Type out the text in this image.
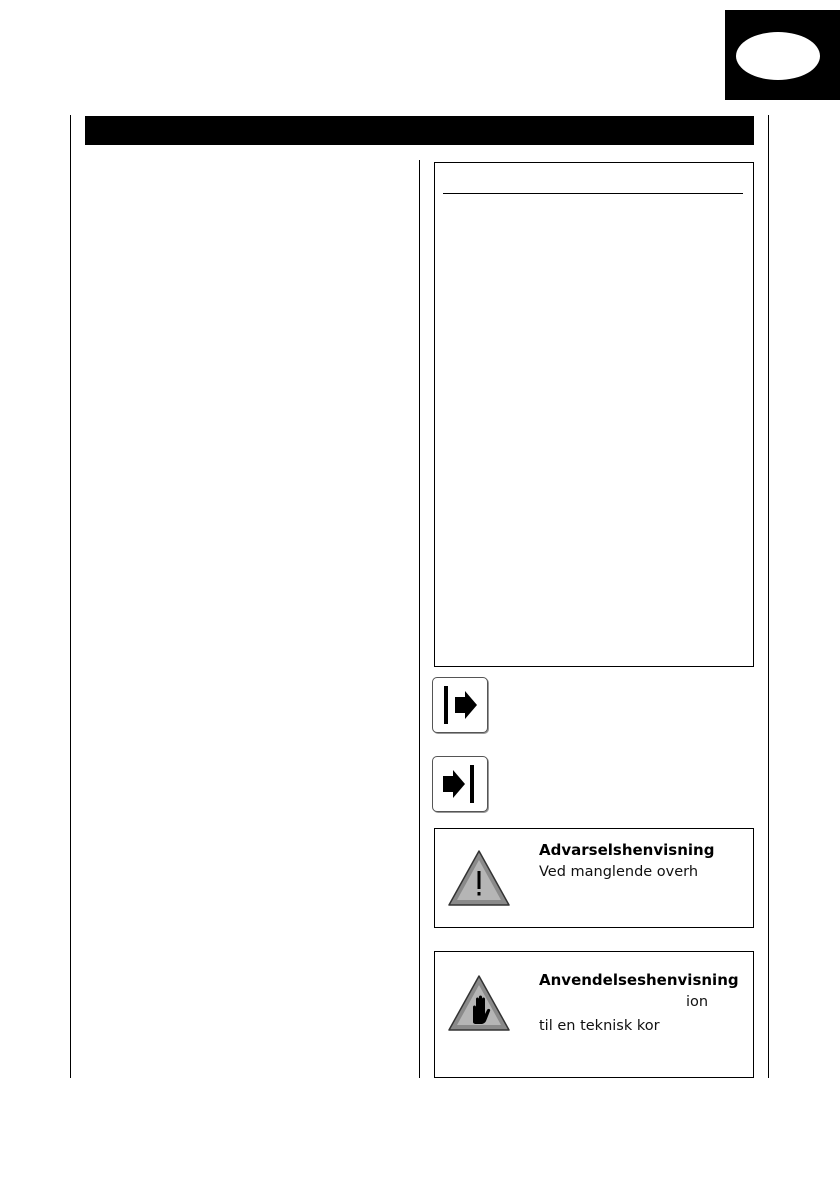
Advarselshenvisning
Ved manglende overh
Anvendelseshenvisning
ion
til en teknisk kor
